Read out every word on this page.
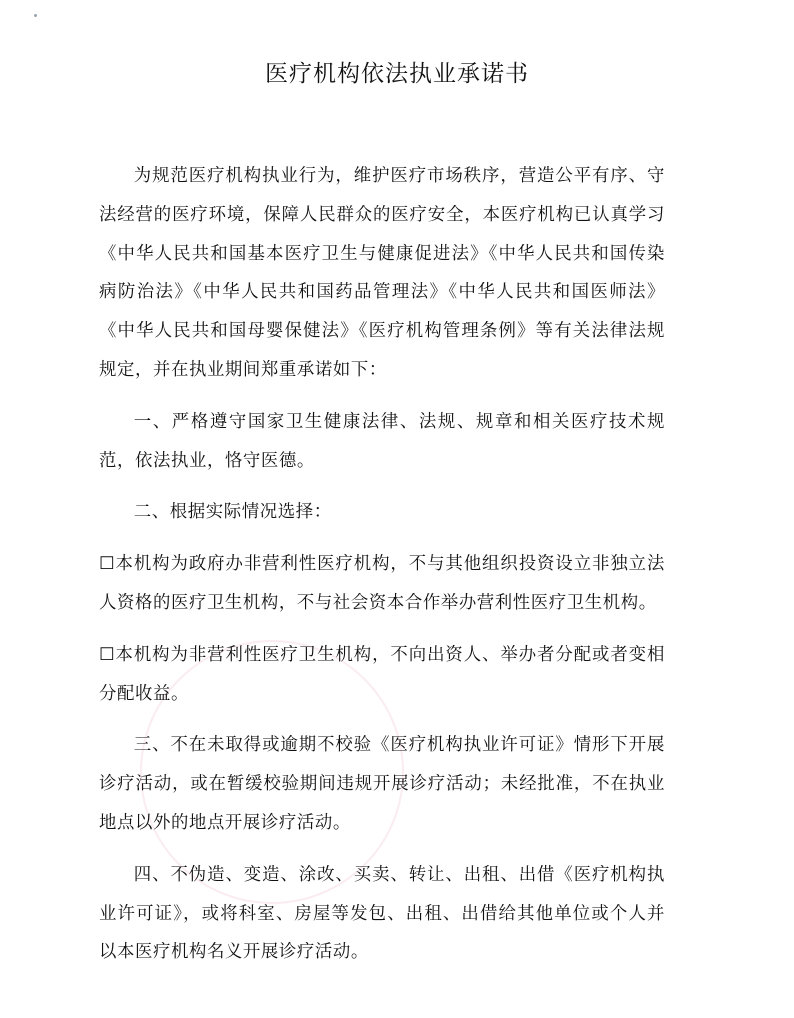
医疗机构依法执业承诺书

为规范医疗机构执业行为，维护医疗市场秩序，营造公平有序、守法经营的医疗环境，保障人民群众的医疗安全，本医疗机构已认真学习《中华人民共和国基本医疗卫生与健康促进法》《中华人民共和国传染病防治法》《中华人民共和国药品管理法》《中华人民共和国医师法》《中华人民共和国母婴保健法》《医疗机构管理条例》等有关法律法规规定，并在执业期间郑重承诺如下：

一、严格遵守国家卫生健康法律、法规、规章和相关医疗技术规范，依法执业，恪守医德。

二、根据实际情况选择：

☐本机构为政府办非营利性医疗机构，不与其他组织投资设立非独立法人资格的医疗卫生机构，不与社会资本合作举办营利性医疗卫生机构。

☐本机构为非营利性医疗卫生机构，不向出资人、举办者分配或者变相分配收益。

三、不在未取得或逾期不校验《医疗机构执业许可证》情形下开展诊疗活动，或在暂缓校验期间违规开展诊疗活动；未经批准，不在执业地点以外的地点开展诊疗活动。

四、不伪造、变造、涂改、买卖、转让、出租、出借《医疗机构执业许可证》，或将科室、房屋等发包、出租、出借给其他单位或个人并以本医疗机构名义开展诊疗活动。
